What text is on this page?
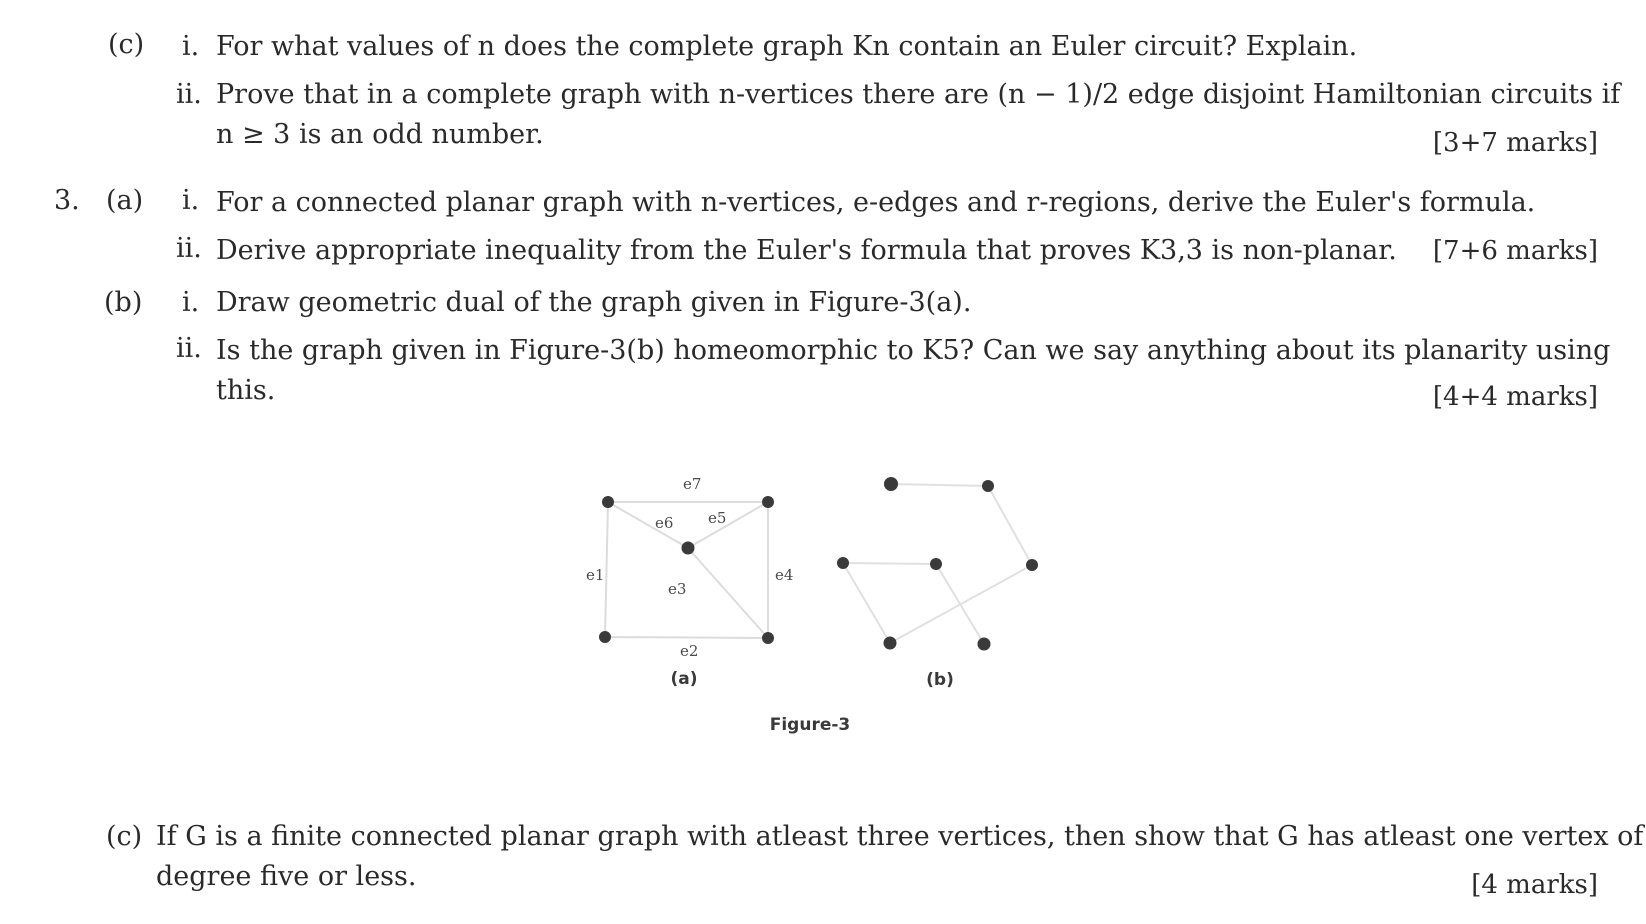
(c) i. For what values of n does the complete graph Kn contain an Euler circuit? Explain.
ii. Prove that in a complete graph with n-vertices there are (n − 1)/2 edge disjoint Hamiltonian circuits if
n ≥ 3 is an odd number.	[3+7 marks]
3. (a) i. For a connected planar graph with n-vertices, e-edges and r-regions, derive the Euler's formula.
ii. Derive appropriate inequality from the Euler's formula that proves K3,3 is non-planar. [7+6 marks]
(b) i. Draw geometric dual of the graph given in Figure-3(a).
ii. Is the graph given in Figure-3(b) homeomorphic to K5? Can we say anything about its planarity using
this.	[4+4 marks]
e7
e6 e5
e1
e3
e4
e2
(a)	(b)
Figure-3
(c) If G is a finite connected planar graph with atleast three vertices, then show that G has atleast one vertex of
degree five or less.	[4 marks]
